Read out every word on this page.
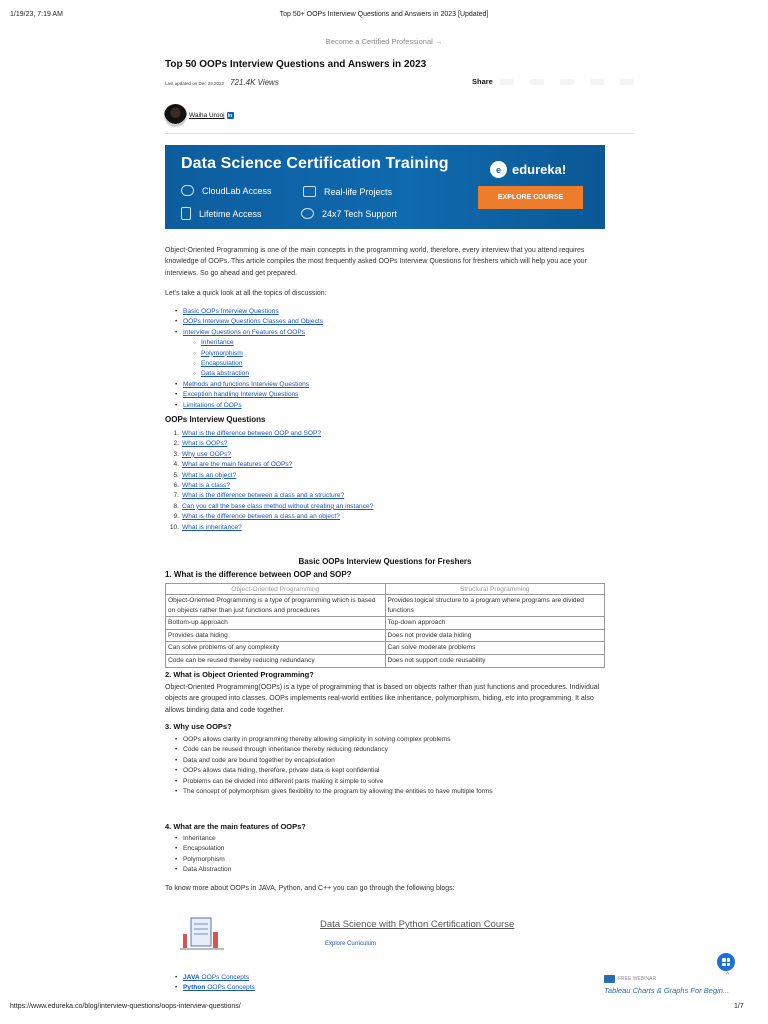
1/19/23, 7:19 AM	Top 50+ OOPs Interview Questions and Answers in 2023 [Updated]
Become a Certified Professional →
Top 50 OOPs Interview Questions and Answers in 2023
Last updated on Dec 29,2022 721.4K Views	Share
Waiha Urooj in
Data Science Certification Training
CloudLab Access	Real-life Projects
Lifetime Access	24x7 Tech Support
e edureka!
EXPLORE COURSE

Object-Oriented Programming is one of the main concepts in the programming world, therefore, every interview that you attend requires knowledge of OOPs. This article compiles the most frequently asked OOPs Interview Questions for freshers which will help you ace your interviews. So go ahead and get prepared.

Let's take a quick look at all the topics of discussion:

• Basic OOPs Interview Questions
• OOPs Interview Questions Classes and Objects
• Interview Questions on Features of OOPs
○ Inheritance
○ Polymorphism
○ Encapsulation
○ Data abstraction
• Methods and functions Interview Questions
• Exception handling Interview Questions
• Limitations of OOPs
OOPs Interview Questions
1. What is the difference between OOP and SOP?
2. What is OOPs?
3. Why use OOPs?
4. What are the main features of OOPs?
5. What is an object?
6. What is a class?
7. What is the difference between a class and a structure?
8. Can you call the base class method without creating an instance?
9. What is the difference between a class and an object?
10. What is inheritance?
Basic OOPs Interview Questions for Freshers
1. What is the difference between OOP and SOP?
Object-Oriented Programming	Structural Programming
Object-Oriented Programming is a type of programming which is based on objects rather than just functions and procedures	Provides logical structure to a program where programs are divided functions
Bottom-up approach	Top-down approach
Provides data hiding	Does not provide data hiding
Can solve problems of any complexity	Can solve moderate problems
Code can be reused thereby reducing redundancy	Does not support code reusability
2. What is Object Oriented Programming?

Object-Oriented Programming(OOPs) is a type of programming that is based on objects rather than just functions and procedures. Individual objects are grouped into classes. OOPs implements real-world entities like inheritance, polymorphism, hiding, etc into programming. It also allows binding data and code together.

3. Why use OOPs?
• OOPs allows clarity in programming thereby allowing simplicity in solving complex problems
• Code can be reused through inheritance thereby reducing redundancy
• Data and code are bound together by encapsulation
• OOPs allows data hiding, therefore, private data is kept confidential
• Problems can be divided into different parts making it simple to solve
• The concept of polymorphism gives flexibility to the program by allowing the entities to have multiple forms
4. What are the main features of OOPs?
• Inheritance
• Encapsulation
• Polymorphism
• Data Abstraction

To know more about OOPs in JAVA, Python, and C++ you can go through the following blogs:

Data Science with Python Certification Course
Explore Curriculum
• JAVA OOPs Concepts
• Python OOPs Concepts
^
FREE WEBINAR
Tableau Charts & Graphs For Begin...
https://www.edureka.co/blog/interview-questions/oops-interview-questions/	1/7
